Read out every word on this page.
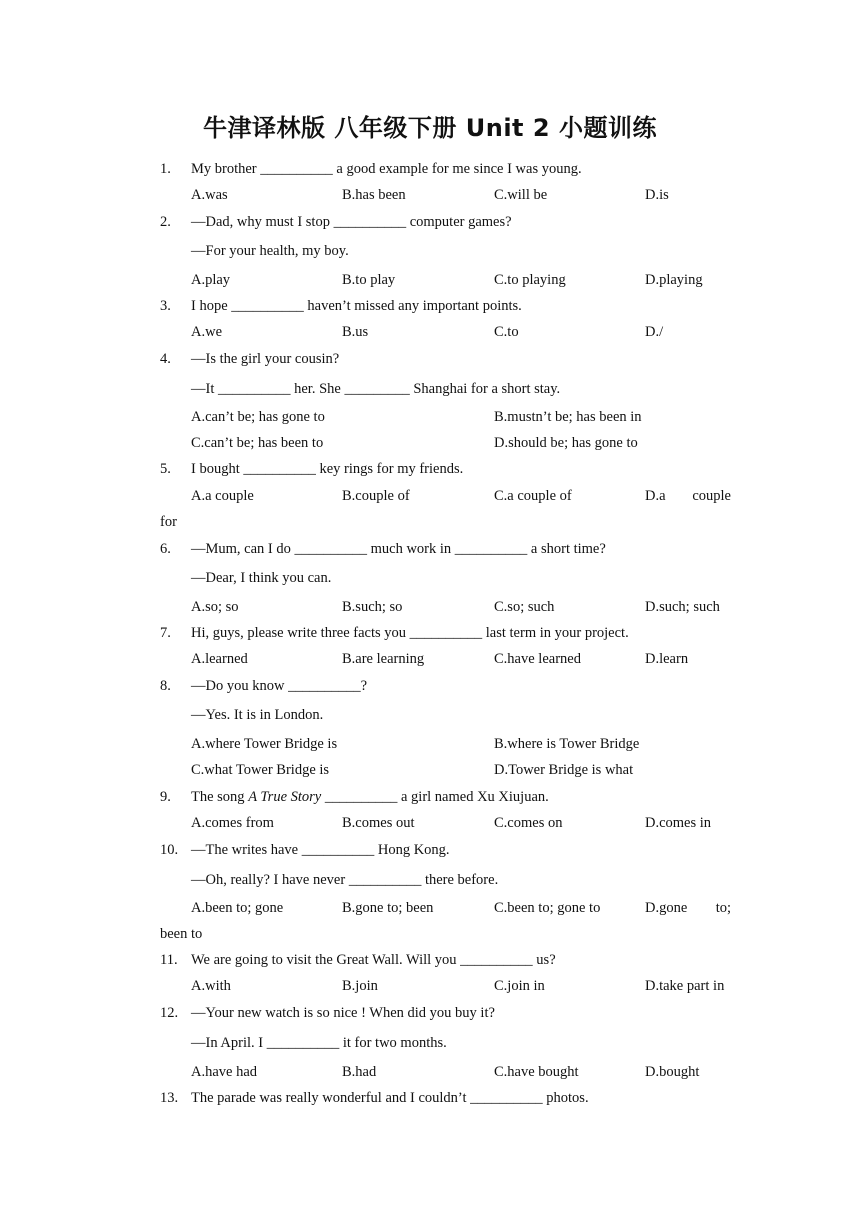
牛津译林版 八年级下册 Unit 2 小题训练
1. My brother __________ a good example for me since I was young.
A.was	B.has been	C.will be	D.is
2. —Dad, why must I stop __________ computer games?
—For your health, my boy.
A.play	B.to play	C.to playing	D.playing
3. I hope __________ haven’t missed any important points.
A.we	B.us	C.to	D./
4. —Is the girl your cousin?
—It __________ her. She _________ Shanghai for a short stay.
A.can’t be; has gone to	B.mustn’t be; has been in
C.can’t be; has been to	D.should be; has gone to
5. I bought __________ key rings for my friends.
A.a couple	B.couple of	C.a couple of	D.a couple
for
6. —Mum, can I do __________ much work in __________ a short time?
—Dear, I think you can.
A.so; so	B.such; so	C.so; such	D.such; such
7. Hi, guys, please write three facts you __________ last term in your project.
A.learned	B.are learning	C.have learned	D.learn
8. —Do you know __________?
—Yes. It is in London.
A.where Tower Bridge is	B.where is Tower Bridge
C.what Tower Bridge is	D.Tower Bridge is what
9. The song A True Story __________ a girl named Xu Xiujuan.
A.comes from	B.comes out	C.comes on	D.comes in
10. —The writes have __________ Hong Kong.
—Oh, really? I have never __________ there before.
A.been to; gone	B.gone to; been	C.been to; gone to	D.gone to;
been to
11. We are going to visit the Great Wall. Will you __________ us?
A.with	B.join	C.join in	D.take part in
12. —Your new watch is so nice ! When did you buy it?
—In April. I __________ it for two months.
A.have had	B.had	C.have bought	D.bought
13. The parade was really wonderful and I couldn’t __________ photos.
